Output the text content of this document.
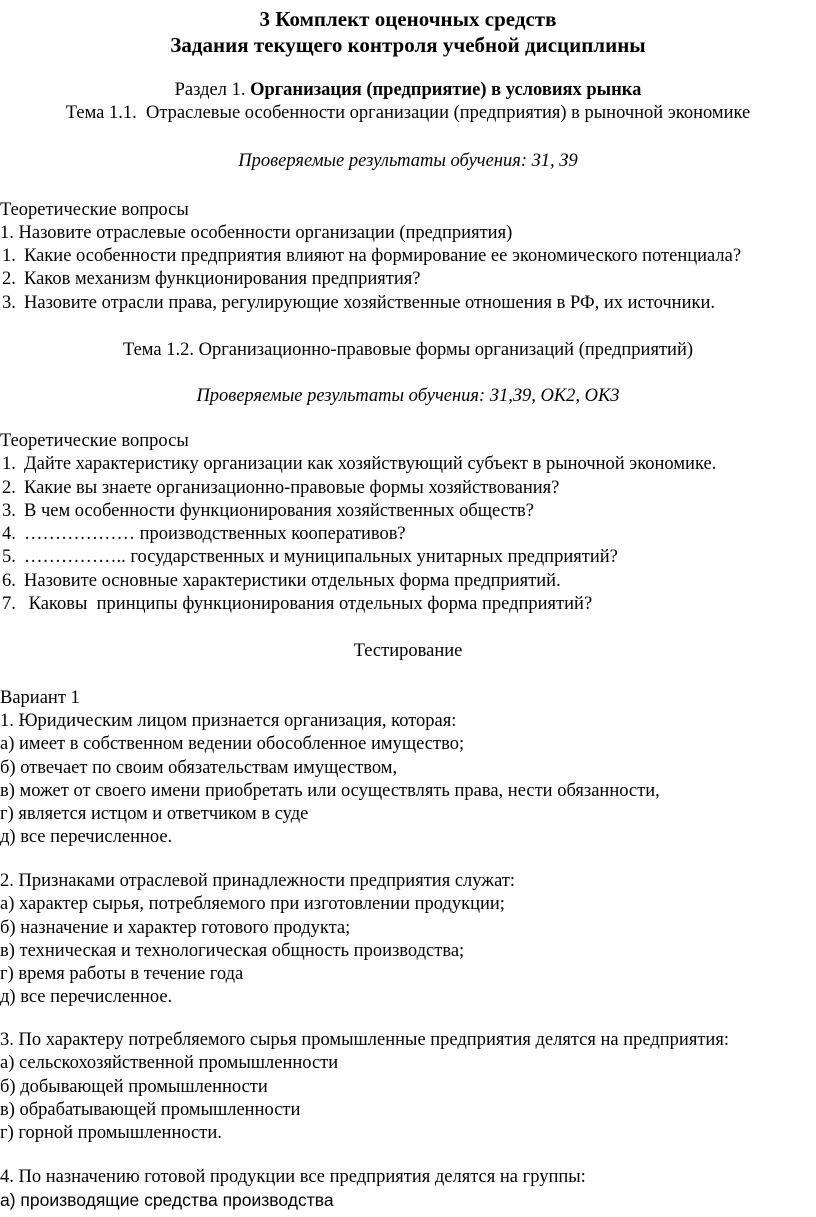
3 Комплект оценочных средств
Задания текущего контроля учебной дисциплины
Раздел 1. Организация (предприятие) в условиях рынка
Тема 1.1.  Отраслевые особенности организации (предприятия) в рыночной экономике
Проверяемые результаты обучения: З1, З9
Теоретические вопросы
1. Назовите отраслевые особенности организации (предприятия)
1. Какие особенности предприятия влияют на формирование ее экономического потенциала?
2. Каков механизм функционирования предприятия?
3. Назовите отрасли права, регулирующие хозяйственные отношения в РФ, их источники.
Тема 1.2. Организационно-правовые формы организаций (предприятий)
Проверяемые результаты обучения: З1,З9, ОК2, ОК3
Теоретические вопросы
1. Дайте характеристику организации как хозяйствующий субъект в рыночной экономике.
2. Какие вы знаете организационно-правовые формы хозяйствования?
3. В чем особенности функционирования хозяйственных обществ?
4. ……………… производственных кооперативов?
5. …………….. государственных и муниципальных унитарных предприятий?
6. Назовите основные характеристики отдельных форма предприятий.
7. Каковы  принципы функционирования отдельных форма предприятий?
Тестирование
Вариант 1
1. Юридическим лицом признается организация, которая:
а) имеет в собственном ведении обособленное имущество;
б) отвечает по своим обязательствам имуществом,
в) может от своего имени приобретать или осуществлять права, нести обязанности,
г) является истцом и ответчиком в суде
д) все перечисленное.
2. Признаками отраслевой принадлежности предприятия служат:
а) характер сырья, потребляемого при изготовлении продукции;
б) назначение и характер готового продукта;
в) техническая и технологическая общность производства;
г) время работы в течение года
д) все перечисленное.
3. По характеру потребляемого сырья промышленные предприятия делятся на предприятия:
а) сельскохозяйственной промышленности
б) добывающей промышленности
в) обрабатывающей промышленности
г) горной промышленности.
4. По назначению готовой продукции все предприятия делятся на группы:
а) производящие средства производства
